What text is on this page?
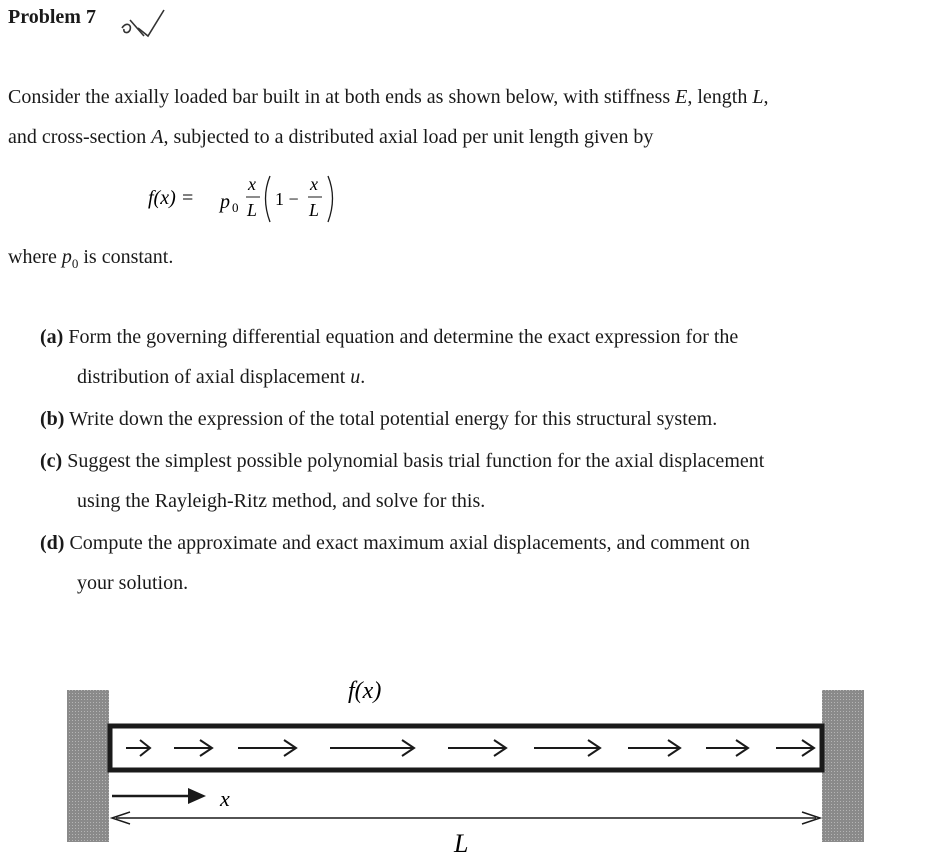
Problem 7
Consider the axially loaded bar built in at both ends as shown below, with stiffness E, length L,
and cross-section A, subjected to a distributed axial load per unit length given by
f(x) = p 0
x
L
1 −
x
L
where $p_0$ is constant.
(a) Form the governing differential equation and determine the exact expression for the
distribution of axial displacement u.
(b) Write down the expression of the total potential energy for this structural system.
(c) Suggest the simplest possible polynomial basis trial function for the axial displacement
using the Rayleigh-Ritz method, and solve for this.
(d) Compute the approximate and exact maximum axial displacements, and comment on
your solution.
f(x)
x
L
